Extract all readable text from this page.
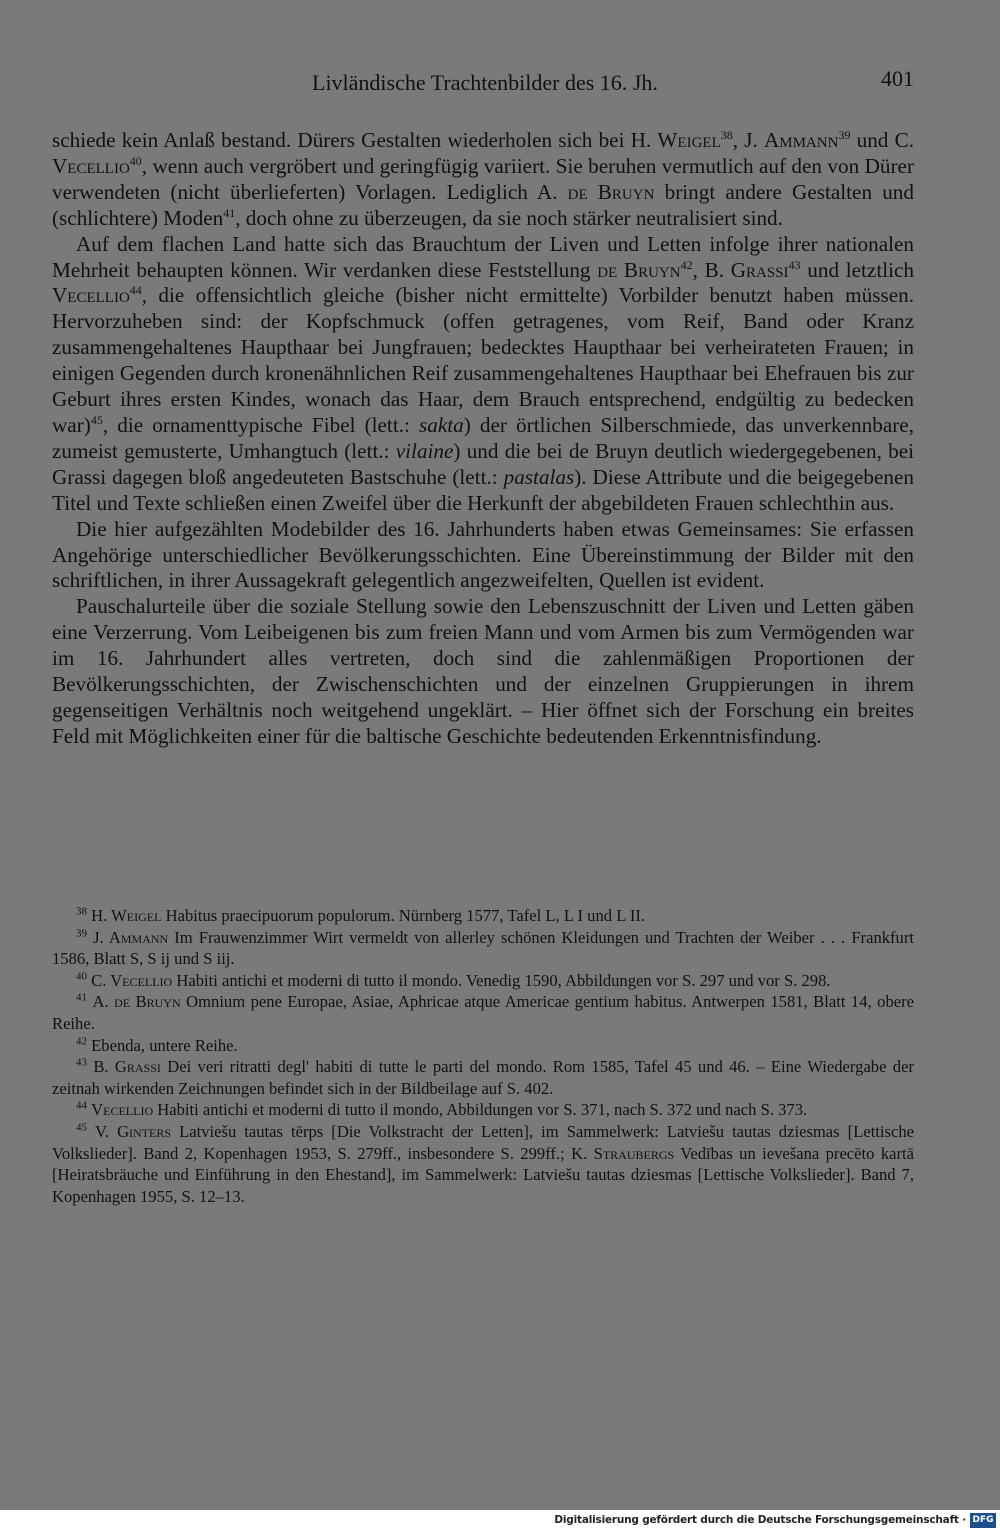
Livländische Trachtenbilder des 16. Jh.	401

schiede kein Anlaß bestand. Dürers Gestalten wiederholen sich bei H. Weigel$^{38}$, J. Ammann$^{39}$ und C. Vecellio$^{40}$, wenn auch vergröbert und geringfügig variiert. Sie beruhen vermutlich auf den von Dürer verwendeten (nicht überlieferten) Vorlagen. Lediglich A. de Bruyn bringt andere Gestalten und (schlichtere) Moden$^{41}$, doch ohne zu überzeugen, da sie noch stärker neutralisiert sind.

Auf dem flachen Land hatte sich das Brauchtum der Liven und Letten infolge ihrer nationalen Mehrheit behaupten können. Wir verdanken diese Feststellung de Bruyn$^{42}$, B. Grassi$^{43}$ und letztlich Vecellio$^{44}$, die offensichtlich gleiche (bisher nicht ermittelte) Vorbilder benutzt haben müssen. Hervorzuheben sind: der Kopfschmuck (offen getragenes, vom Reif, Band oder Kranz zusammengehaltenes Haupthaar bei Jungfrauen; bedecktes Haupthaar bei verheirateten Frauen; in einigen Gegenden durch kronenähnlichen Reif zusammengehaltenes Haupthaar bei Ehefrauen bis zur Geburt ihres ersten Kindes, wonach das Haar, dem Brauch entsprechend, endgültig zu bedecken war)$^{45}$, die ornamenttypische Fibel (lett.: sakta) der örtlichen Silberschmiede, das unverkennbare, zumeist gemusterte, Umhangtuch (lett.: vilaine) und die bei de Bruyn deutlich wiedergegebenen, bei Grassi dagegen bloß angedeuteten Bastschuhe (lett.: pastalas). Diese Attribute und die beigegebenen Titel und Texte schließen einen Zweifel über die Herkunft der abgebildeten Frauen schlechthin aus.

Die hier aufgezählten Modebilder des 16. Jahrhunderts haben etwas Gemeinsames: Sie erfassen Angehörige unterschiedlicher Bevölkerungsschichten. Eine Übereinstimmung der Bilder mit den schriftlichen, in ihrer Aussagekraft gelegentlich angezweifelten, Quellen ist evident.

Pauschalurteile über die soziale Stellung sowie den Lebenszuschnitt der Liven und Letten gäben eine Verzerrung. Vom Leibeigenen bis zum freien Mann und vom Armen bis zum Vermögenden war im 16. Jahrhundert alles vertreten, doch sind die zahlenmäßigen Proportionen der Bevölkerungsschichten, der Zwischenschichten und der einzelnen Gruppierungen in ihrem gegenseitigen Verhältnis noch weitgehend ungeklärt. – Hier öffnet sich der Forschung ein breites Feld mit Möglichkeiten einer für die baltische Geschichte bedeutenden Erkenntnisfindung.

$^{38}$ H. Weigel Habitus praecipuorum populorum. Nürnberg 1577, Tafel L, L I und L II.

$^{39}$ J. Ammann Im Frauwenzimmer Wirt vermeldt von allerley schönen Kleidungen und Trachten der Weiber . . . Frankfurt 1586, Blatt S, S ij und S iij.

$^{40}$ C. Vecellio Habiti antichi et moderni di tutto il mondo. Venedig 1590, Abbildungen vor S. 297 und vor S. 298.

$^{41}$ A. de Bruyn Omnium pene Europae, Asiae, Aphricae atque Americae gentium habitus. Antwerpen 1581, Blatt 14, obere Reihe.

$^{42}$ Ebenda, untere Reihe.

$^{43}$ B. Grassi Dei veri ritratti degl' habiti di tutte le parti del mondo. Rom 1585, Tafel 45 und 46. – Eine Wiedergabe der zeitnah wirkenden Zeichnungen befindet sich in der Bildbeilage auf S. 402.

$^{44}$ Vecellio Habiti antichi et moderni di tutto il mondo, Abbildungen vor S. 371, nach S. 372 und nach S. 373.

$^{45}$ V. Ginters Latviešu tautas tērps [Die Volkstracht der Letten], im Sammelwerk: Latviešu tautas dziesmas [Lettische Volkslieder]. Band 2, Kopenhagen 1953, S. 279ff., insbesondere S. 299ff.; K. Straubergs Vedības un ievešana precēto kartā [Heiratsbräuche und Einführung in den Ehestand], im Sammelwerk: Latviešu tautas dziesmas [Lettische Volkslieder]. Band 7, Kopenhagen 1955, S. 12–13.

Digitalisierung gefördert durch die Deutsche Forschungsgemeinschaft · DFG
